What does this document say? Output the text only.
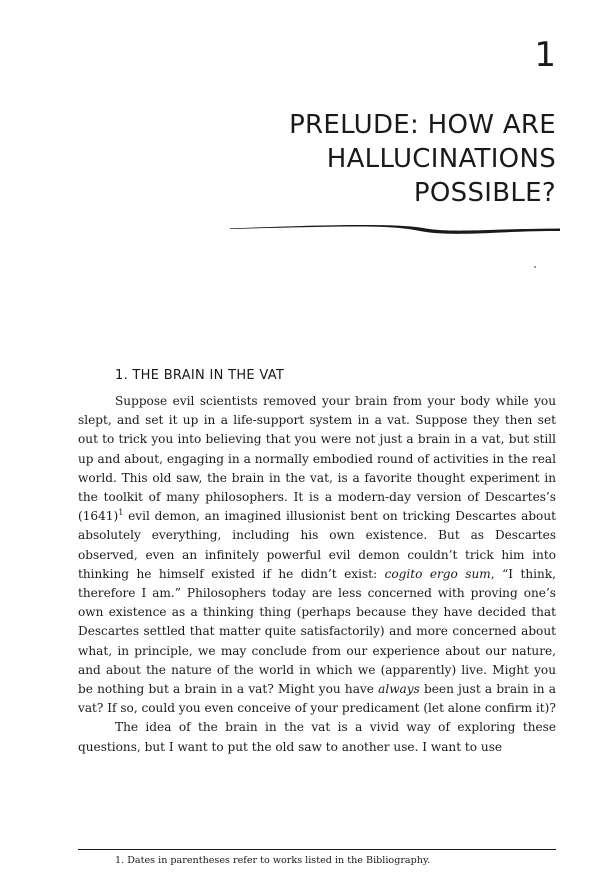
1
PRELUDE: HOW ARE
HALLUCINATIONS
POSSIBLE?
1. THE BRAIN IN THE VAT

Suppose evil scientists removed your brain from your body while you slept, and set it up in a life-support system in a vat. Suppose they then set out to trick you into believing that you were not just a brain in a vat, but still up and about, engaging in a normally embodied round of activities in the real world. This old saw, the brain in the vat, is a favorite thought experiment in the toolkit of many philosophers. It is a modern-day version of Descartes’s $(1641)^1$ evil demon, an imagined illusionist bent on tricking Descartes about absolutely everything, including his own existence. But as Descartes observed, even an infinitely powerful evil demon couldn’t trick him into thinking he himself existed if he didn’t exist: cogito ergo sum, “I think, therefore I am.” Philosophers today are less concerned with proving one’s own existence as a thinking thing (perhaps because they have decided that Descartes settled that matter quite satisfactorily) and more concerned about what, in principle, we may conclude from our experience about our nature, and about the nature of the world in which we (apparently) live. Might you be nothing but a brain in a vat? Might you have always been just a brain in a vat? If so, could you even conceive of your predicament (let alone confirm it)?

The idea of the brain in the vat is a vivid way of exploring these questions, but I want to put the old saw to another use. I want to use

1. Dates in parentheses refer to works listed in the Bibliography.
